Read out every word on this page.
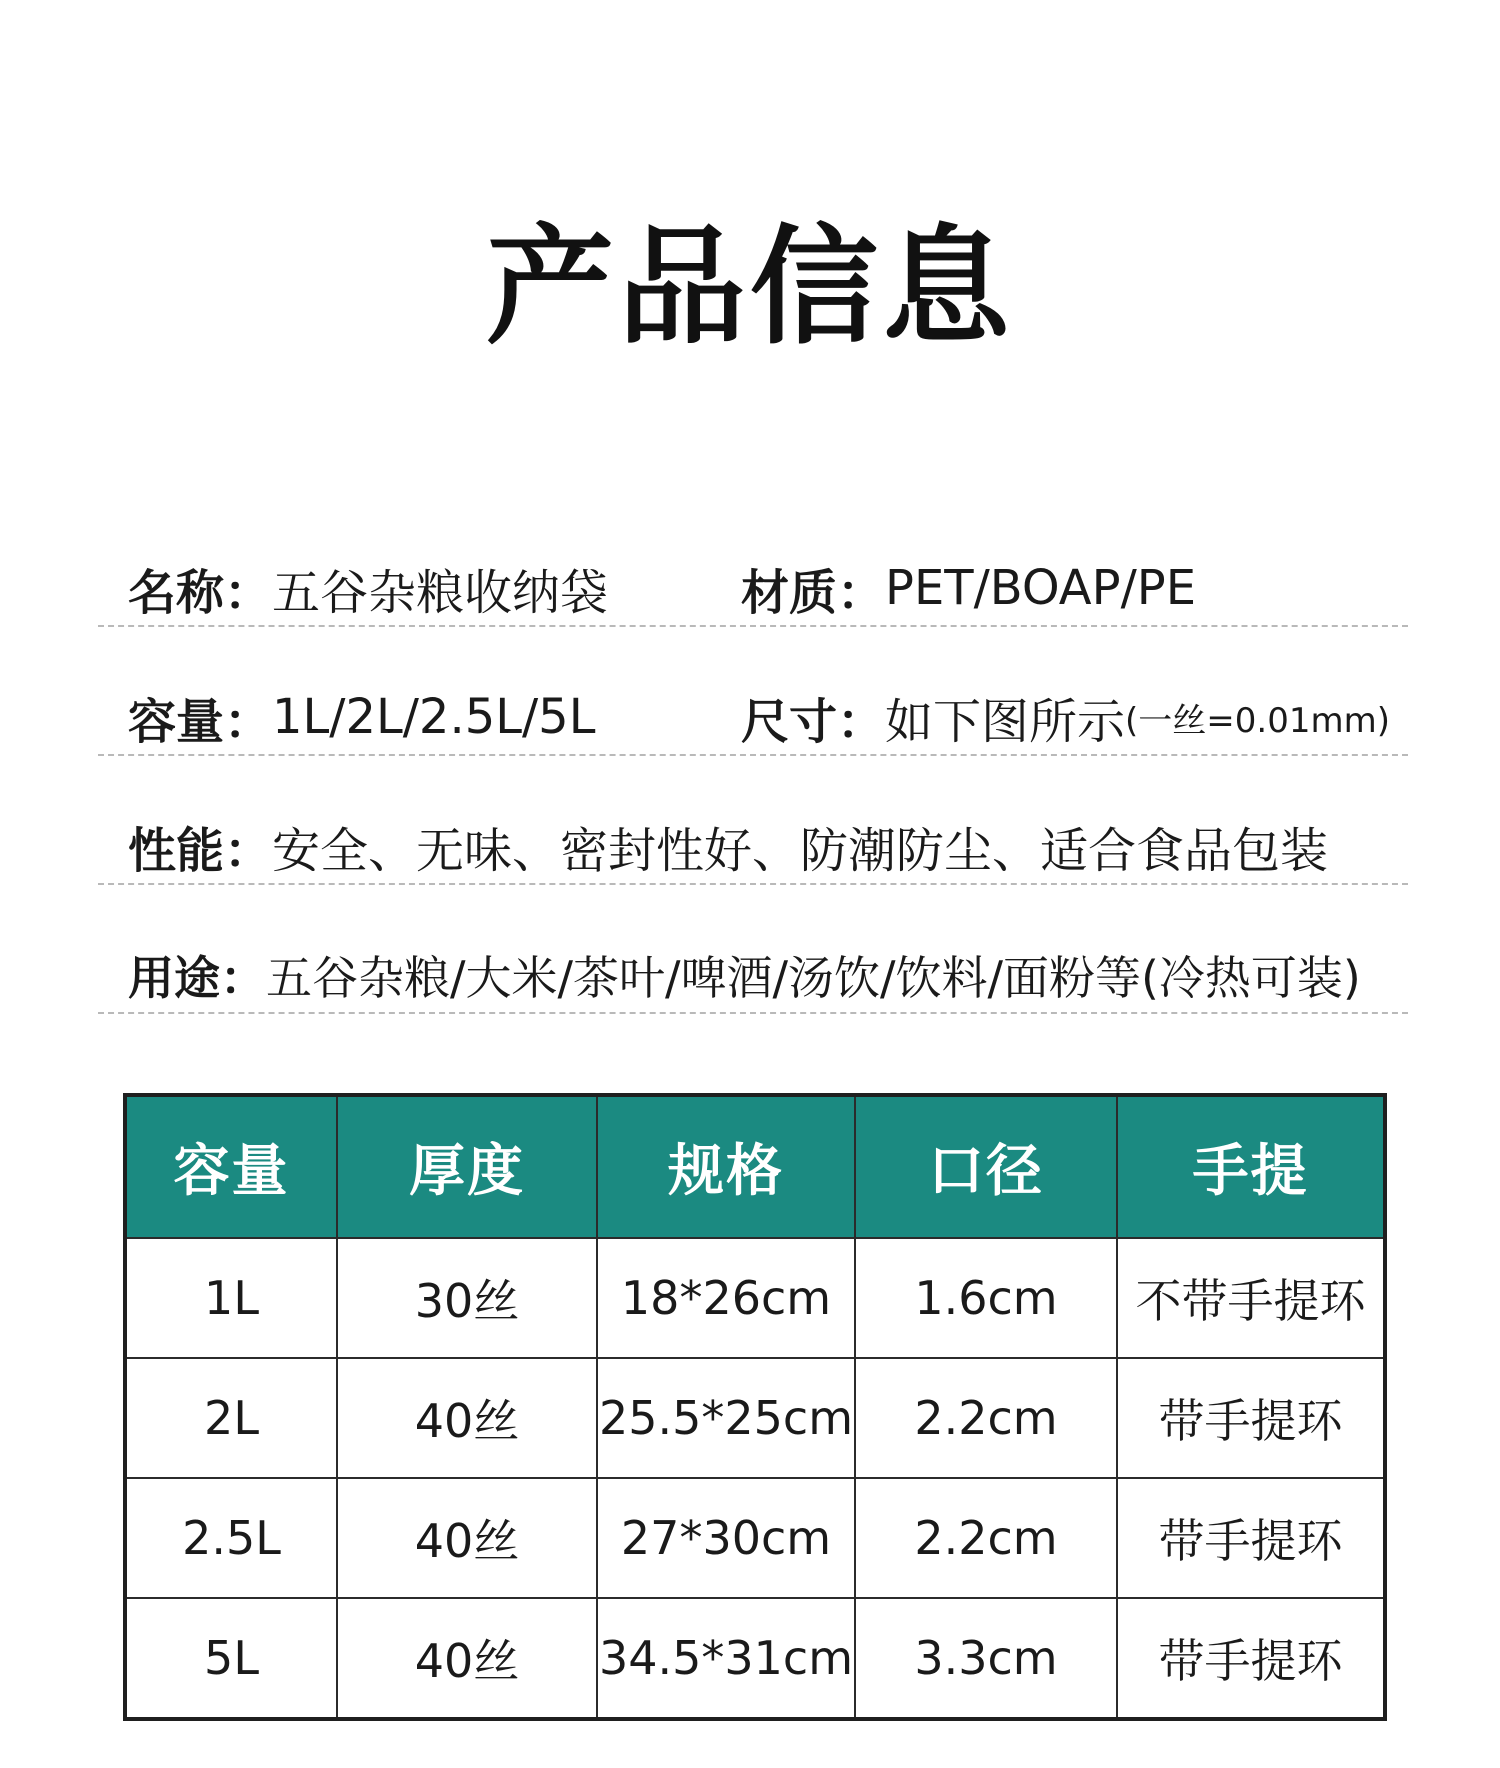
产品信息
名称： 五谷杂粮收纳袋	材质： PET/BOAP/PE
容量： 1L/2L/2.5L/5L	尺寸： 如下图所示 (一丝=0.01mm)
性能： 安全、无味、密封性好、防潮防尘、适合食品包装
用途： 五谷杂粮/大米/茶叶/啤酒/汤饮/饮料/面粉等(冷热可装)
容量	厚度	规格	口径	手提
1L	30丝	18*26cm	1.6cm	不带手提环
2L	40丝	25.5*25cm	2.2cm	带手提环
2.5L	40丝	27*30cm	2.2cm	带手提环
5L	40丝	34.5*31cm	3.3cm	带手提环
